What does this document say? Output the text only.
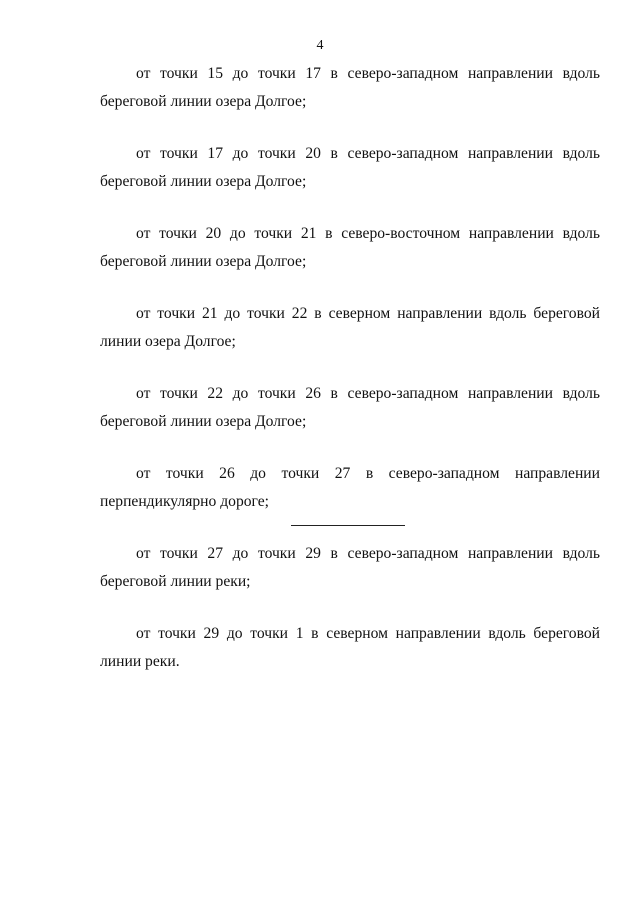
4

от точки 15 до точки 17 в северо-западном направлении вдоль береговой линии озера Долгое;

от точки 17 до точки 20 в северо-западном направлении вдоль береговой линии озера Долгое;

от точки 20 до точки 21 в северо-восточном направлении вдоль береговой линии озера Долгое;

от точки 21 до точки 22 в северном направлении вдоль береговой линии озера Долгое;

от точки 22 до точки 26 в северо-западном направлении вдоль береговой линии озера Долгое;

от точки 26 до точки 27 в северо-западном направлении перпендикулярно дороге;

от точки 27 до точки 29 в северо-западном направлении вдоль береговой линии реки;

от точки 29 до точки 1 в северном направлении вдоль береговой линии реки.
